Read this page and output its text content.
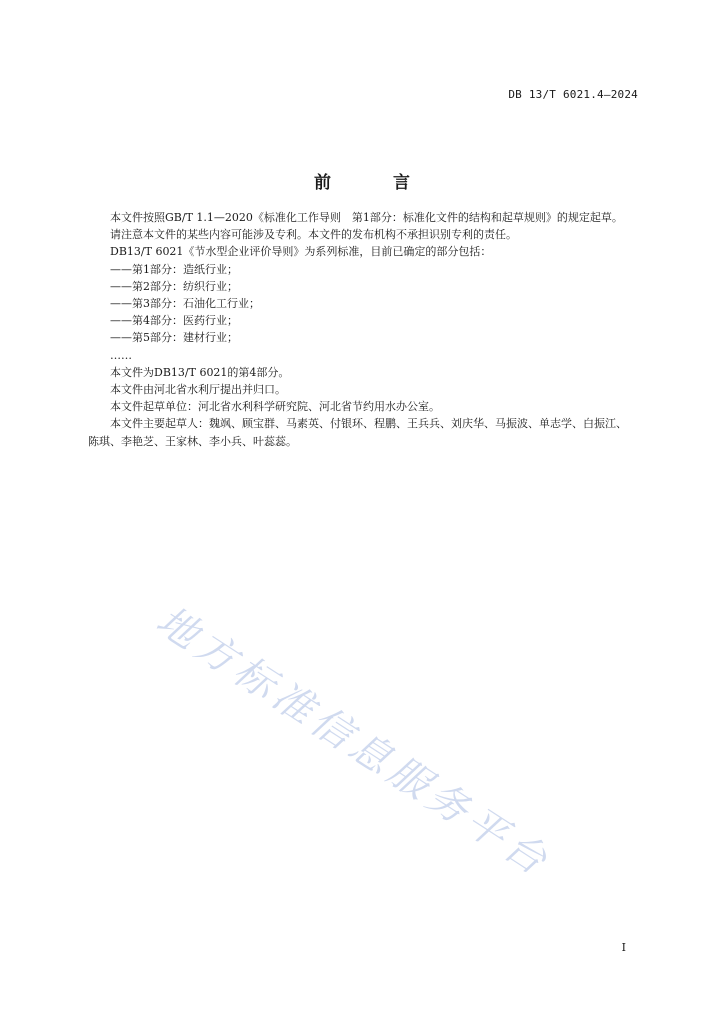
DB 13/T 6021.4—2024
前 言

本文件按照GB/T 1.1—2020《标准化工作导则　第1部分：标准化文件的结构和起草规则》的规定起草。

请注意本文件的某些内容可能涉及专利。本文件的发布机构不承担识别专利的责任。

DB13/T 6021《节水型企业评价导则》为系列标准，目前已确定的部分包括：

——第1部分：造纸行业；

——第2部分：纺织行业；

——第3部分：石油化工行业；

——第4部分：医药行业；

——第5部分：建材行业；

……

本文件为DB13/T 6021的第4部分。

本文件由河北省水利厅提出并归口。

本文件起草单位：河北省水利科学研究院、河北省节约用水办公室。

本文件主要起草人：魏飒、顾宝群、马素英、付银环、程鹏、王兵兵、刘庆华、马振波、单志学、白振江、陈琪、李艳芝、王家林、李小兵、叶蕊蕊。

地方标准信息服务平台
I
